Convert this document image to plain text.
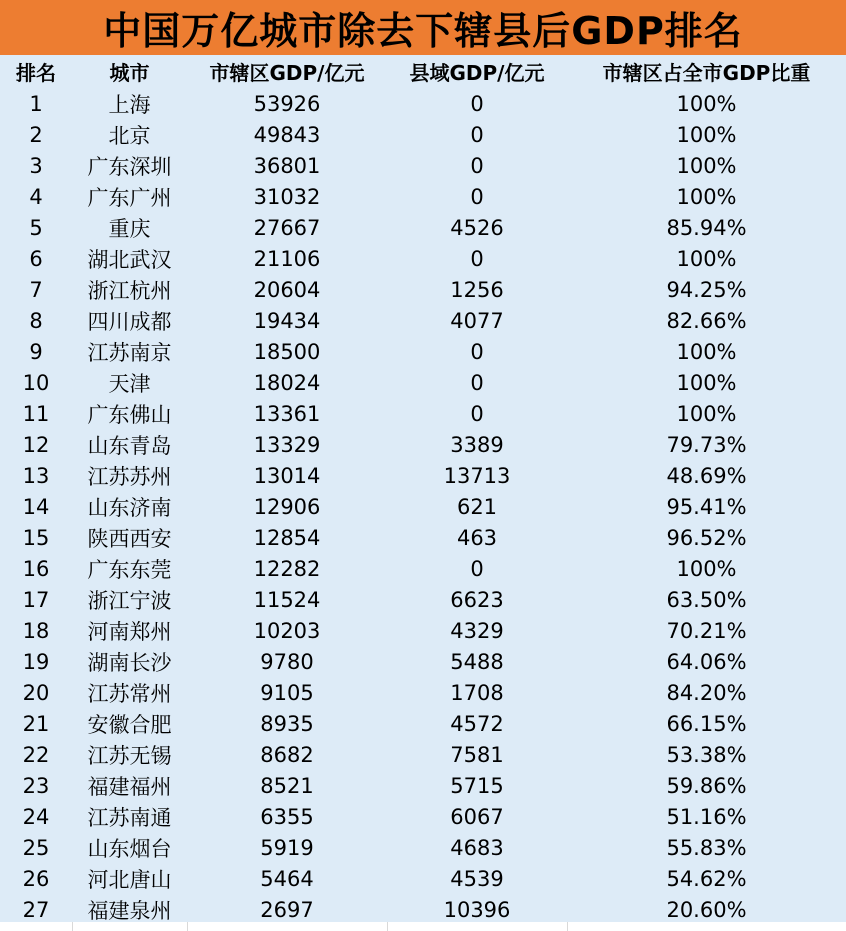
中国万亿城市除去下辖县后GDP排名
排名	城市	市辖区GDP/亿元	县域GDP/亿元	市辖区占全市GDP比重
1	上海	53926	0	100%
2	北京	49843	0	100%
3	广东深圳	36801	0	100%
4	广东广州	31032	0	100%
5	重庆	27667	4526	85.94%
6	湖北武汉	21106	0	100%
7	浙江杭州	20604	1256	94.25%
8	四川成都	19434	4077	82.66%
9	江苏南京	18500	0	100%
10	天津	18024	0	100%
11	广东佛山	13361	0	100%
12	山东青岛	13329	3389	79.73%
13	江苏苏州	13014	13713	48.69%
14	山东济南	12906	621	95.41%
15	陕西西安	12854	463	96.52%
16	广东东莞	12282	0	100%
17	浙江宁波	11524	6623	63.50%
18	河南郑州	10203	4329	70.21%
19	湖南长沙	9780	5488	64.06%
20	江苏常州	9105	1708	84.20%
21	安徽合肥	8935	4572	66.15%
22	江苏无锡	8682	7581	53.38%
23	福建福州	8521	5715	59.86%
24	江苏南通	6355	6067	51.16%
25	山东烟台	5919	4683	55.83%
26	河北唐山	5464	4539	54.62%
27	福建泉州	2697	10396	20.60%
